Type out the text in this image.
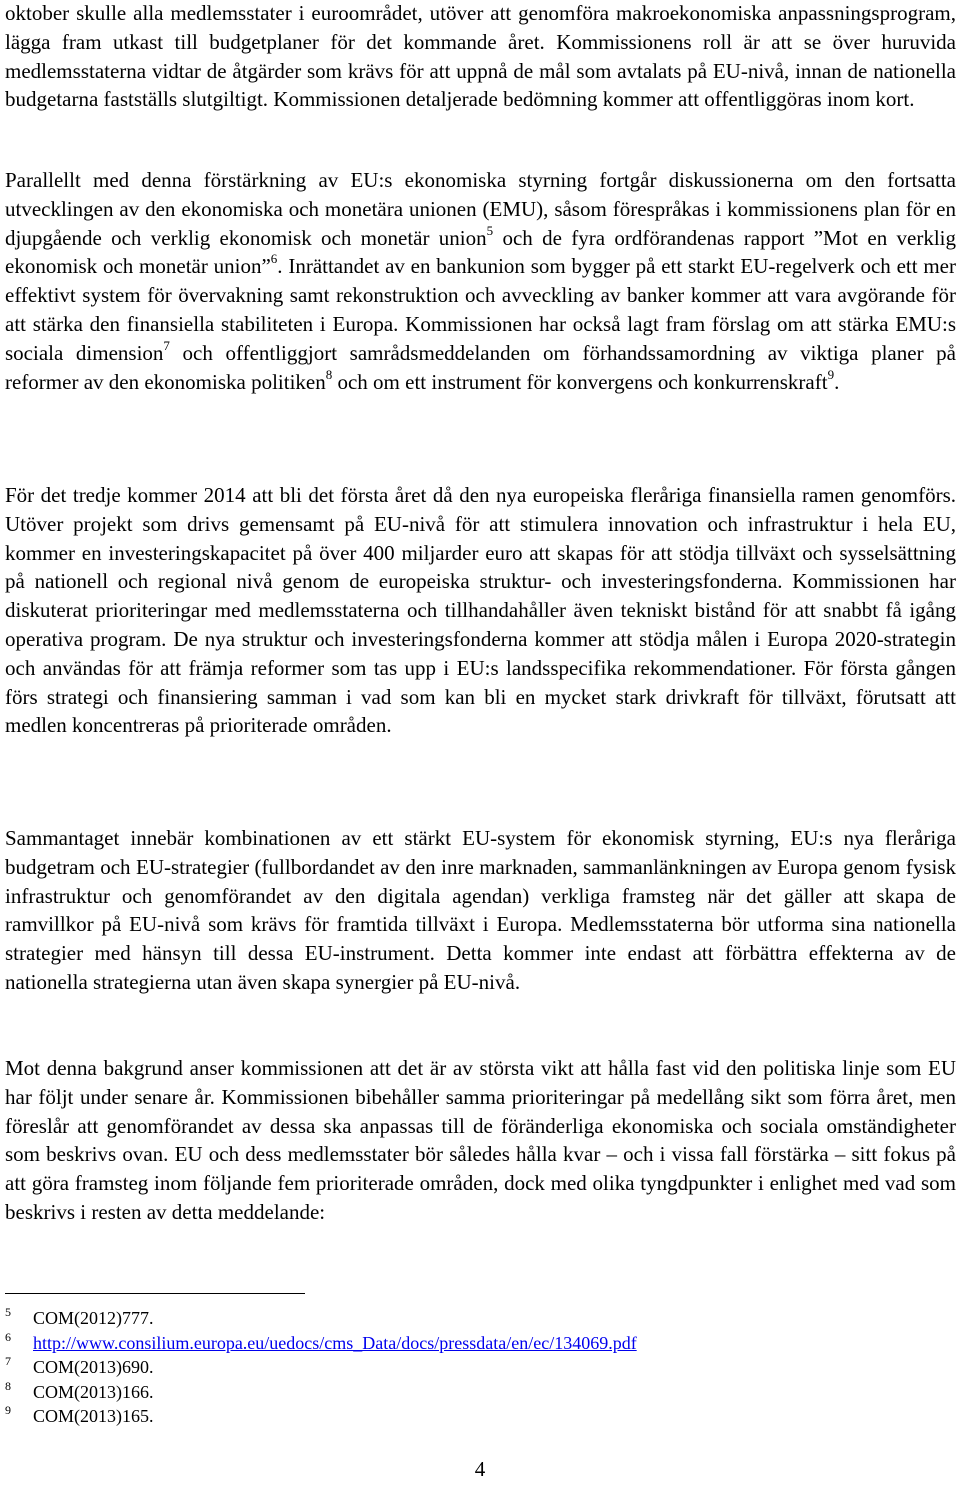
oktober skulle alla medlemsstater i euroområdet, utöver att genomföra makroekonomiska anpassningsprogram, lägga fram utkast till budgetplaner för det kommande året. Kommissionens roll är att se över huruvida medlemsstaterna vidtar de åtgärder som krävs för att uppnå de mål som avtalats på EU-nivå, innan de nationella budgetarna fastställs slutgiltigt. Kommissionen detaljerade bedömning kommer att offentliggöras inom kort.

Parallellt med denna förstärkning av EU:s ekonomiska styrning fortgår diskussionerna om den fortsatta utvecklingen av den ekonomiska och monetära unionen (EMU), såsom förespråkas i kommissionens plan för en djupgående och verklig ekonomisk och monetär union$^5$ och de fyra ordförandenas rapport ”Mot en verklig ekonomisk och monetär union”$^6$. Inrättandet av en bankunion som bygger på ett starkt EU-regelverk och ett mer effektivt system för övervakning samt rekonstruktion och avveckling av banker kommer att vara avgörande för att stärka den finansiella stabiliteten i Europa. Kommissionen har också lagt fram förslag om att stärka EMU:s sociala dimension$^7$ och offentliggjort samrådsmeddelanden om förhandssamordning av viktiga planer på reformer av den ekonomiska politiken$^8$ och om ett instrument för konvergens och konkurrenskraft$^9$.

För det tredje kommer 2014 att bli det första året då den nya europeiska fleråriga finansiella ramen genomförs. Utöver projekt som drivs gemensamt på EU-nivå för att stimulera innovation och infrastruktur i hela EU, kommer en investeringskapacitet på över 400 miljarder euro att skapas för att stödja tillväxt och sysselsättning på nationell och regional nivå genom de europeiska struktur- och investeringsfonderna. Kommissionen har diskuterat prioriteringar med medlemsstaterna och tillhandahåller även tekniskt bistånd för att snabbt få igång operativa program. De nya struktur och investeringsfonderna kommer att stödja målen i Europa 2020-strategin och användas för att främja reformer som tas upp i EU:s landsspecifika rekommendationer. För första gången förs strategi och finansiering samman i vad som kan bli en mycket stark drivkraft för tillväxt, förutsatt att medlen koncentreras på prioriterade områden.

Sammantaget innebär kombinationen av ett stärkt EU-system för ekonomisk styrning, EU:s nya fleråriga budgetram och EU-strategier (fullbordandet av den inre marknaden, sammanlänkningen av Europa genom fysisk infrastruktur och genomförandet av den digitala agendan) verkliga framsteg när det gäller att skapa de ramvillkor på EU-nivå som krävs för framtida tillväxt i Europa. Medlemsstaterna bör utforma sina nationella strategier med hänsyn till dessa EU-instrument. Detta kommer inte endast att förbättra effekterna av de nationella strategierna utan även skapa synergier på EU-nivå.

Mot denna bakgrund anser kommissionen att det är av största vikt att hålla fast vid den politiska linje som EU har följt under senare år. Kommissionen bibehåller samma prioriteringar på medellång sikt som förra året, men föreslår att genomförandet av dessa ska anpassas till de föränderliga ekonomiska och sociala omständigheter som beskrivs ovan. EU och dess medlemsstater bör således hålla kvar – och i vissa fall förstärka – sitt fokus på att göra framsteg inom följande fem prioriterade områden, dock med olika tyngdpunkter i enlighet med vad som beskrivs i resten av detta meddelande:

5 COM(2012)777.
6 http://www.consilium.europa.eu/uedocs/cms_Data/docs/pressdata/en/ec/134069.pdf
7 COM(2013)690.
8 COM(2013)166.
9 COM(2013)165.
4
